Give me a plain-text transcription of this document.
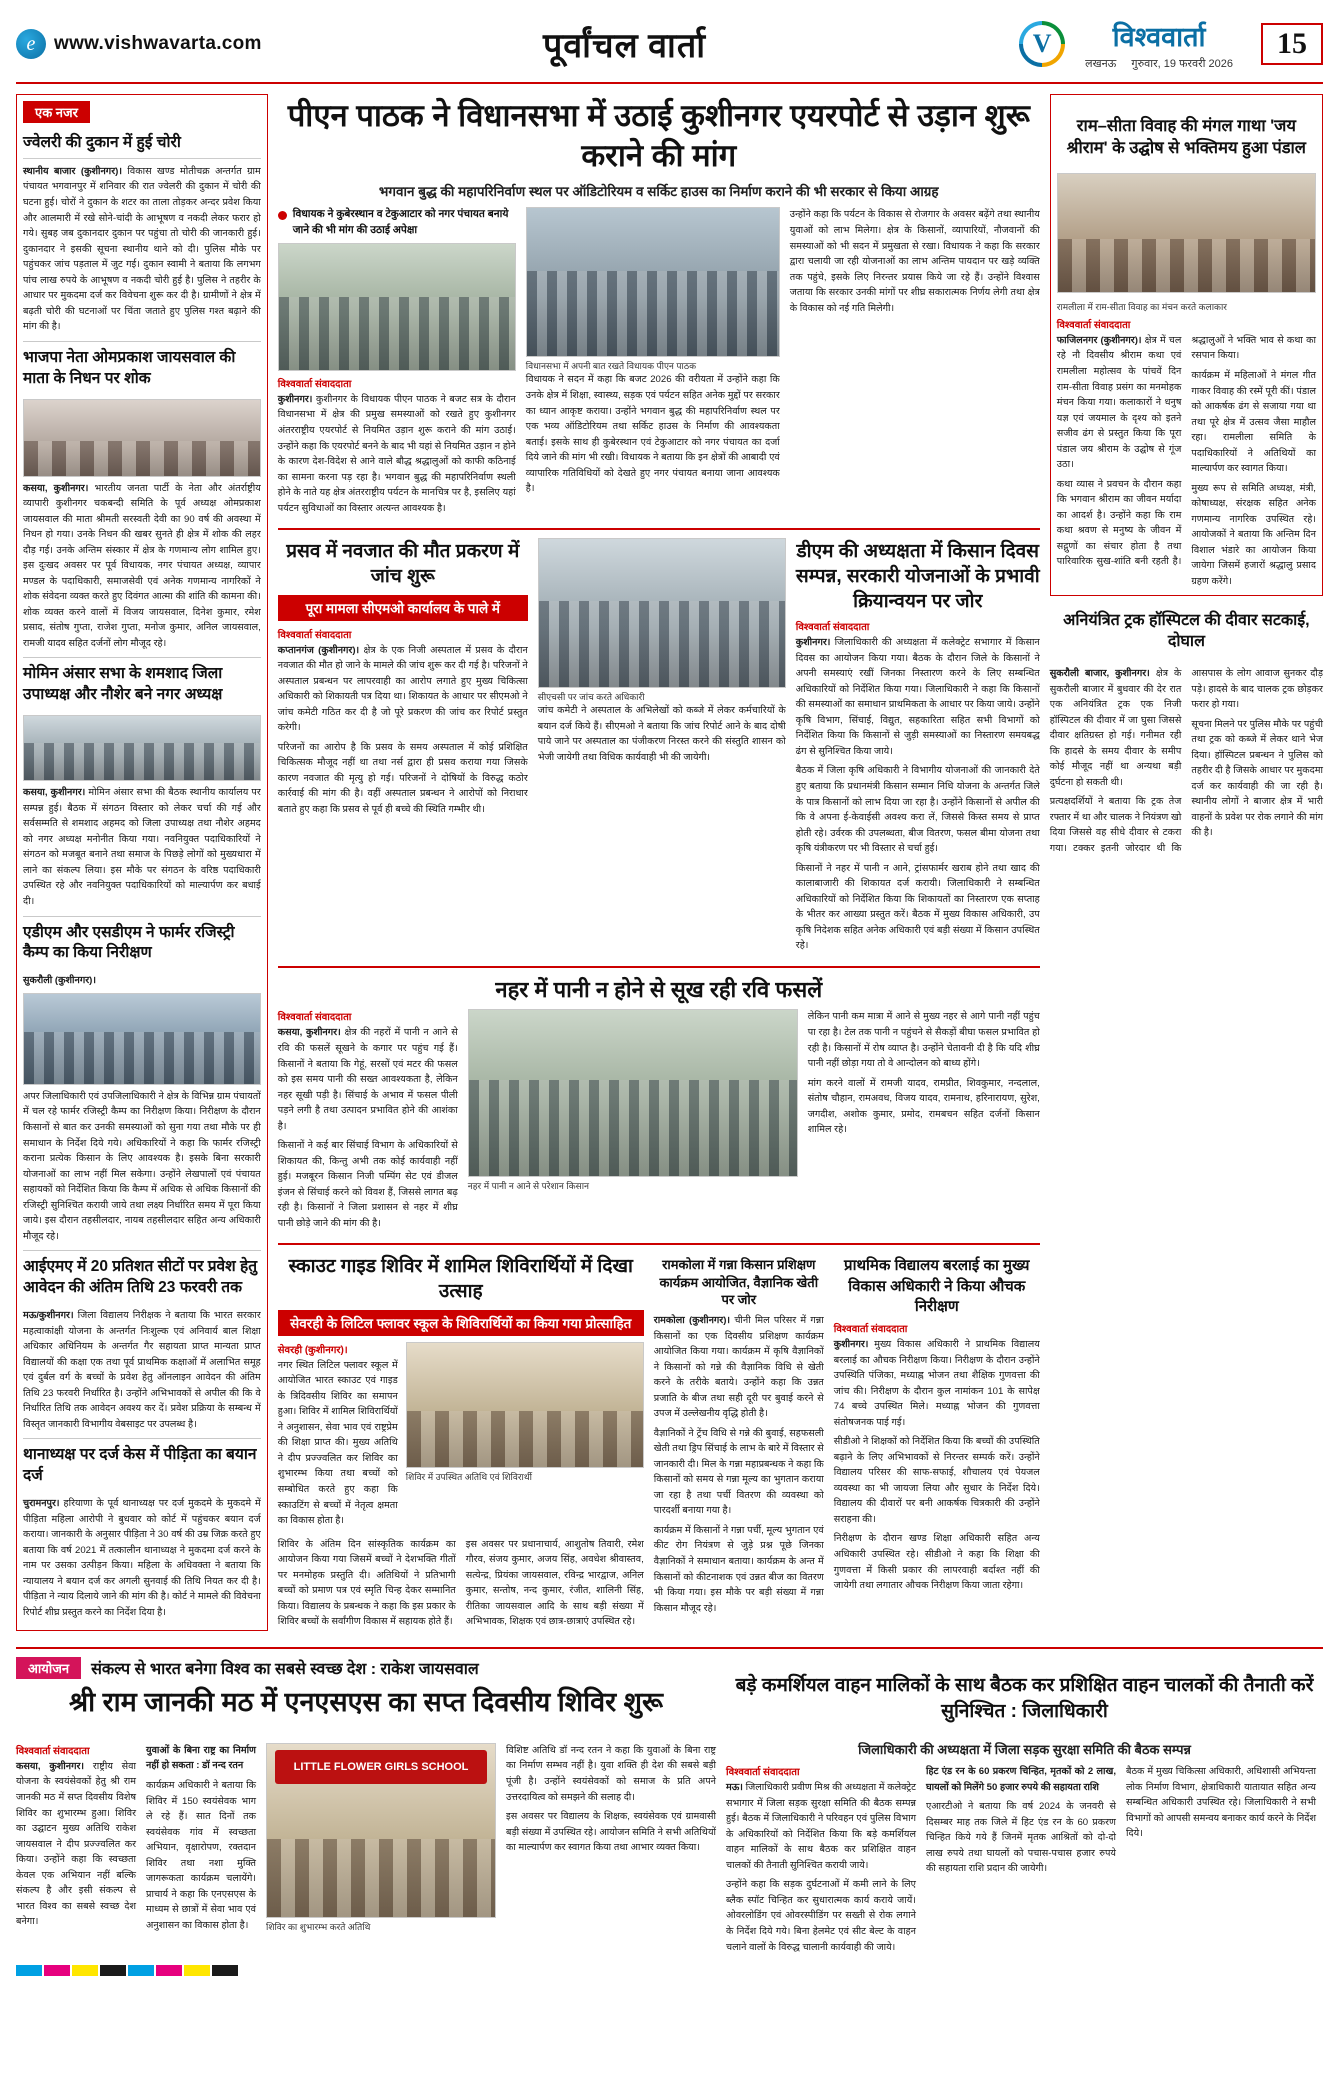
e www.vishwavarta.com	पूर्वांचल वार्ता V	विश्ववार्ता
लखनऊ गुरुवार, 19 फरवरी 2026
15
एक नजर
ज्वेलरी की दुकान में हुई चोरी

स्थानीय बाजार (कुशीनगर)। विकास खण्ड मोतीचक्र अन्तर्गत ग्राम पंचायत भगवानपुर में शनिवार की रात ज्वेलरी की दुकान में चोरी की घटना हुई। चोरों ने दुकान के शटर का ताला तोड़कर अन्दर प्रवेश किया और आलमारी में रखे सोने-चांदी के आभूषण व नकदी लेकर फरार हो गये। सुबह जब दुकानदार दुकान पर पहुंचा तो चोरी की जानकारी हुई। दुकानदार ने इसकी सूचना स्थानीय थाने को दी। पुलिस मौके पर पहुंचकर जांच पड़ताल में जुट गई। दुकान स्वामी ने बताया कि लगभग पांच लाख रुपये के आभूषण व नकदी चोरी हुई है। पुलिस ने तहरीर के आधार पर मुकदमा दर्ज कर विवेचना शुरू कर दी है। ग्रामीणों ने क्षेत्र में बढ़ती चोरी की घटनाओं पर चिंता जताते हुए पुलिस गश्त बढ़ाने की मांग की है।

भाजपा नेता ओमप्रकाश जायसवाल की माता के निधन पर शोक

कसया, कुशीनगर। भारतीय जनता पार्टी के नेता और अंतर्राष्ट्रीय व्यापारी कुशीनगर चकबन्दी समिति के पूर्व अध्यक्ष ओमप्रकाश जायसवाल की माता श्रीमती सरस्वती देवी का 90 वर्ष की अवस्था में निधन हो गया। उनके निधन की खबर सुनते ही क्षेत्र में शोक की लहर दौड़ गई। उनके अन्तिम संस्कार में क्षेत्र के गणमान्य लोग शामिल हुए। इस दुःखद अवसर पर पूर्व विधायक, नगर पंचायत अध्यक्ष, व्यापार मण्डल के पदाधिकारी, समाजसेवी एवं अनेक गणमान्य नागरिकों ने शोक संवेदना व्यक्त करते हुए दिवंगत आत्मा की शांति की कामना की। शोक व्यक्त करने वालों में विजय जायसवाल, दिनेश कुमार, रमेश प्रसाद, संतोष गुप्ता, राजेश गुप्ता, मनोज कुमार, अनिल जायसवाल, रामजी यादव सहित दर्जनों लोग मौजूद रहे।

मोमिन अंसार सभा के शमशाद जिला उपाध्यक्ष और नौशेर बने नगर अध्यक्ष

कसया, कुशीनगर। मोमिन अंसार सभा की बैठक स्थानीय कार्यालय पर सम्पन्न हुई। बैठक में संगठन विस्तार को लेकर चर्चा की गई और सर्वसम्मति से शमशाद अहमद को जिला उपाध्यक्ष तथा नौशेर अहमद को नगर अध्यक्ष मनोनीत किया गया। नवनियुक्त पदाधिकारियों ने संगठन को मजबूत बनाने तथा समाज के पिछड़े लोगों को मुख्यधारा में लाने का संकल्प लिया। इस मौके पर संगठन के वरिष्ठ पदाधिकारी उपस्थित रहे और नवनियुक्त पदाधिकारियों को माल्यार्पण कर बधाई दी।

एडीएम और एसडीएम ने फार्मर रजिस्ट्री कैम्प का किया निरीक्षण

सुकरौली (कुशीनगर)।

अपर जिलाधिकारी एवं उपजिलाधिकारी ने क्षेत्र के विभिन्न ग्राम पंचायतों में चल रहे फार्मर रजिस्ट्री कैम्प का निरीक्षण किया। निरीक्षण के दौरान किसानों से बात कर उनकी समस्याओं को सुना गया तथा मौके पर ही समाधान के निर्देश दिये गये। अधिकारियों ने कहा कि फार्मर रजिस्ट्री कराना प्रत्येक किसान के लिए आवश्यक है। इसके बिना सरकारी योजनाओं का लाभ नहीं मिल सकेगा। उन्होंने लेखपालों एवं पंचायत सहायकों को निर्देशित किया कि कैम्प में अधिक से अधिक किसानों की रजिस्ट्री सुनिश्चित करायी जाये तथा लक्ष्य निर्धारित समय में पूरा किया जाये। इस दौरान तहसीलदार, नायब तहसीलदार सहित अन्य अधिकारी मौजूद रहे।

आईएमए में 20 प्रतिशत सीटों पर प्रवेश हेतु आवेदन की अंतिम तिथि 23 फरवरी तक

मऊ/कुशीनगर। जिला विद्यालय निरीक्षक ने बताया कि भारत सरकार महत्वाकांक्षी योजना के अन्तर्गत निःशुल्क एवं अनिवार्य बाल शिक्षा अधिकार अधिनियम के अन्तर्गत गैर सहायता प्राप्त मान्यता प्राप्त विद्यालयों की कक्षा एक तथा पूर्व प्राथमिक कक्षाओं में अलाभित समूह एवं दुर्बल वर्ग के बच्चों के प्रवेश हेतु ऑनलाइन आवेदन की अंतिम तिथि 23 फरवरी निर्धारित है। उन्होंने अभिभावकों से अपील की कि वे निर्धारित तिथि तक आवेदन अवश्य कर दें। प्रवेश प्रक्रिया के सम्बन्ध में विस्तृत जानकारी विभागीय वेबसाइट पर उपलब्ध है।

थानाध्यक्ष पर दर्ज केस में पीड़िता का बयान दर्ज

चुरामनपुर। हरियाणा के पूर्व थानाध्यक्ष पर दर्ज मुकदमे के मुकदमे में पीड़िता महिला आरोपी ने बुधवार को कोर्ट में पहुंचकर बयान दर्ज कराया। जानकारी के अनुसार पीड़िता ने 30 वर्ष की उम्र जिक्र करते हुए बताया कि वर्ष 2021 में तत्कालीन थानाध्यक्ष ने मुकदमा दर्ज करने के नाम पर उसका उत्पीड़न किया। महिला के अधिवक्ता ने बताया कि न्यायालय ने बयान दर्ज कर अगली सुनवाई की तिथि नियत कर दी है। पीड़िता ने न्याय दिलाये जाने की मांग की है। कोर्ट ने मामले की विवेचना रिपोर्ट शीघ्र प्रस्तुत करने का निर्देश दिया है।

पीएन पाठक ने विधानसभा में उठाई कुशीनगर एयरपोर्ट से उड़ान शुरू कराने की मांग
भगवान बुद्ध की महापरिनिर्वाण स्थल पर ऑडिटोरियम व सर्किट हाउस का निर्माण कराने की भी सरकार से किया आग्रह
विधायक ने कुबेरस्थान व टेकुआटार को नगर पंचायत बनाये जाने की भी मांग की उठाई अपेक्षा
विश्ववार्ता संवाददाता

कुशीनगर। कुशीनगर के विधायक पीएन पाठक ने बजट सत्र के दौरान विधानसभा में क्षेत्र की प्रमुख समस्याओं को रखते हुए कुशीनगर अंतरराष्ट्रीय एयरपोर्ट से नियमित उड़ान शुरू कराने की मांग उठाई। उन्होंने कहा कि एयरपोर्ट बनने के बाद भी यहां से नियमित उड़ान न होने के कारण देश-विदेश से आने वाले बौद्ध श्रद्धालुओं को काफी कठिनाई का सामना करना पड़ रहा है। भगवान बुद्ध की महापरिनिर्वाण स्थली होने के नाते यह क्षेत्र अंतरराष्ट्रीय पर्यटन के मानचित्र पर है, इसलिए यहां पर्यटन सुविधाओं का विस्तार अत्यन्त आवश्यक है।

विधानसभा में अपनी बात रखते विधायक पीएन पाठक

विधायक ने सदन में कहा कि बजट 2026 की वरीयता में उन्होंने कहा कि उनके क्षेत्र में शिक्षा, स्वास्थ्य, सड़क एवं पर्यटन सहित अनेक मुद्दों पर सरकार का ध्यान आकृष्ट कराया। उन्होंने भगवान बुद्ध की महापरिनिर्वाण स्थल पर एक भव्य ऑडिटोरियम तथा सर्किट हाउस के निर्माण की आवश्यकता बताई। इसके साथ ही कुबेरस्थान एवं टेकुआटार को नगर पंचायत का दर्जा दिये जाने की मांग भी रखी। विधायक ने बताया कि इन क्षेत्रों की आबादी एवं व्यापारिक गतिविधियों को देखते हुए नगर पंचायत बनाया जाना आवश्यक है।

उन्होंने कहा कि पर्यटन के विकास से रोजगार के अवसर बढ़ेंगे तथा स्थानीय युवाओं को लाभ मिलेगा। क्षेत्र के किसानों, व्यापारियों, नौजवानों की समस्याओं को भी सदन में प्रमुखता से रखा। विधायक ने कहा कि सरकार द्वारा चलायी जा रही योजनाओं का लाभ अन्तिम पायदान पर खड़े व्यक्ति तक पहुंचे, इसके लिए निरन्तर प्रयास किये जा रहे हैं। उन्होंने विश्वास जताया कि सरकार उनकी मांगों पर शीघ्र सकारात्मक निर्णय लेगी तथा क्षेत्र के विकास को नई गति मिलेगी।

प्रसव में नवजात की मौत प्रकरण में जांच शुरू
पूरा मामला सीएमओ कार्यालय के पाले में
विश्ववार्ता संवाददाता

कप्तानगंज (कुशीनगर)। क्षेत्र के एक निजी अस्पताल में प्रसव के दौरान नवजात की मौत हो जाने के मामले की जांच शुरू कर दी गई है। परिजनों ने अस्पताल प्रबन्धन पर लापरवाही का आरोप लगाते हुए मुख्य चिकित्सा अधिकारी को शिकायती पत्र दिया था। शिकायत के आधार पर सीएमओ ने जांच कमेटी गठित कर दी है जो पूरे प्रकरण की जांच कर रिपोर्ट प्रस्तुत करेगी।

परिजनों का आरोप है कि प्रसव के समय अस्पताल में कोई प्रशिक्षित चिकित्सक मौजूद नहीं था तथा नर्स द्वारा ही प्रसव कराया गया जिसके कारण नवजात की मृत्यु हो गई। परिजनों ने दोषियों के विरुद्ध कठोर कार्रवाई की मांग की है। वहीं अस्पताल प्रबन्धन ने आरोपों को निराधार बताते हुए कहा कि प्रसव से पूर्व ही बच्चे की स्थिति गम्भीर थी।

सीएचसी पर जांच करते अधिकारी

जांच कमेटी ने अस्पताल के अभिलेखों को कब्जे में लेकर कर्मचारियों के बयान दर्ज किये हैं। सीएमओ ने बताया कि जांच रिपोर्ट आने के बाद दोषी पाये जाने पर अस्पताल का पंजीकरण निरस्त करने की संस्तुति शासन को भेजी जायेगी तथा विधिक कार्यवाही भी की जायेगी।

डीएम की अध्यक्षता में किसान दिवस सम्पन्न, सरकारी योजनाओं के प्रभावी क्रियान्वयन पर जोर
विश्ववार्ता संवाददाता

कुशीनगर। जिलाधिकारी की अध्यक्षता में कलेक्ट्रेट सभागार में किसान दिवस का आयोजन किया गया। बैठक के दौरान जिले के किसानों ने अपनी समस्याएं रखीं जिनका निस्तारण करने के लिए सम्बन्धित अधिकारियों को निर्देशित किया गया। जिलाधिकारी ने कहा कि किसानों की समस्याओं का समाधान प्राथमिकता के आधार पर किया जाये। उन्होंने कृषि विभाग, सिंचाई, विद्युत, सहकारिता सहित सभी विभागों को निर्देशित किया कि किसानों से जुड़ी समस्याओं का निस्तारण समयबद्ध ढंग से सुनिश्चित किया जाये।

बैठक में जिला कृषि अधिकारी ने विभागीय योजनाओं की जानकारी देते हुए बताया कि प्रधानमंत्री किसान सम्मान निधि योजना के अन्तर्गत जिले के पात्र किसानों को लाभ दिया जा रहा है। उन्होंने किसानों से अपील की कि वे अपना ई-केवाईसी अवश्य करा लें, जिससे किस्त समय से प्राप्त होती रहे। उर्वरक की उपलब्धता, बीज वितरण, फसल बीमा योजना तथा कृषि यंत्रीकरण पर भी विस्तार से चर्चा हुई।

किसानों ने नहर में पानी न आने, ट्रांसफार्मर खराब होने तथा खाद की कालाबाजारी की शिकायत दर्ज करायी। जिलाधिकारी ने सम्बन्धित अधिकारियों को निर्देशित किया कि शिकायतों का निस्तारण एक सप्ताह के भीतर कर आख्या प्रस्तुत करें। बैठक में मुख्य विकास अधिकारी, उप कृषि निदेशक सहित अनेक अधिकारी एवं बड़ी संख्या में किसान उपस्थित रहे।

नहर में पानी न होने से सूख रही रवि फसलें
विश्ववार्ता संवाददाता

कसया, कुशीनगर। क्षेत्र की नहरों में पानी न आने से रवि की फसलें सूखने के कगार पर पहुंच गई हैं। किसानों ने बताया कि गेहूं, सरसों एवं मटर की फसल को इस समय पानी की सख्त आवश्यकता है, लेकिन नहर सूखी पड़ी है। सिंचाई के अभाव में फसल पीली पड़ने लगी है तथा उत्पादन प्रभावित होने की आशंका है।

किसानों ने कई बार सिंचाई विभाग के अधिकारियों से शिकायत की, किन्तु अभी तक कोई कार्यवाही नहीं हुई। मजबूरन किसान निजी पम्पिंग सेट एवं डीजल इंजन से सिंचाई करने को विवश हैं, जिससे लागत बढ़ रही है। किसानों ने जिला प्रशासन से नहर में शीघ्र पानी छोड़े जाने की मांग की है।

नहर में पानी न आने से परेशान किसान

लेकिन पानी कम मात्रा में आने से मुख्य नहर से आगे पानी नहीं पहुंच पा रहा है। टेल तक पानी न पहुंचने से सैकड़ों बीघा फसल प्रभावित हो रही है। किसानों में रोष व्याप्त है। उन्होंने चेतावनी दी है कि यदि शीघ्र पानी नहीं छोड़ा गया तो वे आन्दोलन को बाध्य होंगे।

मांग करने वालों में रामजी यादव, रामप्रीत, शिवकुमार, नन्दलाल, संतोष चौहान, रामअवध, विजय यादव, रामनाथ, हरिनारायण, सुरेश, जगदीश, अशोक कुमार, प्रमोद, रामबचन सहित दर्जनों किसान शामिल रहे।

स्काउट गाइड शिविर में शामिल शिविरार्थियों में दिखा उत्साह
सेवरही के लिटिल फ्लावर स्कूल के शिविरार्थियों का किया गया प्रोत्साहित
सेवरही (कुशीनगर)।

नगर स्थित लिटिल फ्लावर स्कूल में आयोजित भारत स्काउट एवं गाइड के त्रिदिवसीय शिविर का समापन हुआ। शिविर में शामिल शिविरार्थियों ने अनुशासन, सेवा भाव एवं राष्ट्रप्रेम की शिक्षा प्राप्त की। मुख्य अतिथि ने दीप प्रज्ज्वलित कर शिविर का शुभारम्भ किया तथा बच्चों को सम्बोधित करते हुए कहा कि स्काउटिंग से बच्चों में नेतृत्व क्षमता का विकास होता है।

शिविर में उपस्थित अतिथि एवं शिविरार्थी

शिविर के अंतिम दिन सांस्कृतिक कार्यक्रम का आयोजन किया गया जिसमें बच्चों ने देशभक्ति गीतों पर मनमोहक प्रस्तुति दी। अतिथियों ने प्रतिभागी बच्चों को प्रमाण पत्र एवं स्मृति चिन्ह देकर सम्मानित किया। विद्यालय के प्रबन्धक ने कहा कि इस प्रकार के शिविर बच्चों के सर्वांगीण विकास में सहायक होते हैं।

इस अवसर पर प्रधानाचार्य, आशुतोष तिवारी, रमेश गौरव, संजय कुमार, अजय सिंह, अवधेश श्रीवास्तव, सत्येन्द्र, प्रियंका जायसवाल, रविन्द्र भारद्वाज, अनिल कुमार, सन्तोष, नन्द कुमार, रंजीत, शालिनी सिंह, रीतिका जायसवाल आदि के साथ बड़ी संख्या में अभिभावक, शिक्षक एवं छात्र-छात्राएं उपस्थित रहे।

रामकोला में गन्ना किसान प्रशिक्षण कार्यक्रम आयोजित, वैज्ञानिक खेती पर जोर

रामकोला (कुशीनगर)। चीनी मिल परिसर में गन्ना किसानों का एक दिवसीय प्रशिक्षण कार्यक्रम आयोजित किया गया। कार्यक्रम में कृषि वैज्ञानिकों ने किसानों को गन्ने की वैज्ञानिक विधि से खेती करने के तरीके बताये। उन्होंने कहा कि उन्नत प्रजाति के बीज तथा सही दूरी पर बुवाई करने से उपज में उल्लेखनीय वृद्धि होती है।

वैज्ञानिकों ने ट्रेंच विधि से गन्ने की बुवाई, सहफसली खेती तथा ड्रिप सिंचाई के लाभ के बारे में विस्तार से जानकारी दी। मिल के गन्ना महाप्रबन्धक ने कहा कि किसानों को समय से गन्ना मूल्य का भुगतान कराया जा रहा है तथा पर्ची वितरण की व्यवस्था को पारदर्शी बनाया गया है।

कार्यक्रम में किसानों ने गन्ना पर्ची, मूल्य भुगतान एवं कीट रोग नियंत्रण से जुड़े प्रश्न पूछे जिनका वैज्ञानिकों ने समाधान बताया। कार्यक्रम के अन्त में किसानों को कीटनाशक एवं उन्नत बीज का वितरण भी किया गया। इस मौके पर बड़ी संख्या में गन्ना किसान मौजूद रहे।

प्राथमिक विद्यालय बरलाई का मुख्य विकास अधिकारी ने किया औचक निरीक्षण
विश्ववार्ता संवाददाता

कुशीनगर। मुख्य विकास अधिकारी ने प्राथमिक विद्यालय बरलाई का औचक निरीक्षण किया। निरीक्षण के दौरान उन्होंने उपस्थिति पंजिका, मध्याह्न भोजन तथा शैक्षिक गुणवत्ता की जांच की। निरीक्षण के दौरान कुल नामांकन 101 के सापेक्ष 74 बच्चे उपस्थित मिले। मध्याह्न भोजन की गुणवत्ता संतोषजनक पाई गई।

सीडीओ ने शिक्षकों को निर्देशित किया कि बच्चों की उपस्थिति बढ़ाने के लिए अभिभावकों से निरन्तर सम्पर्क करें। उन्होंने विद्यालय परिसर की साफ-सफाई, शौचालय एवं पेयजल व्यवस्था का भी जायजा लिया और सुधार के निर्देश दिये। विद्यालय की दीवारों पर बनी आकर्षक चित्रकारी की उन्होंने सराहना की।

निरीक्षण के दौरान खण्ड शिक्षा अधिकारी सहित अन्य अधिकारी उपस्थित रहे। सीडीओ ने कहा कि शिक्षा की गुणवत्ता में किसी प्रकार की लापरवाही बर्दाश्त नहीं की जायेगी तथा लगातार औचक निरीक्षण किया जाता रहेगा।

राम–सीता विवाह की मंगल गाथा 'जय श्रीराम' के उद्घोष से भक्तिमय हुआ पंडाल
रामलीला में राम-सीता विवाह का मंचन करते कलाकार
विश्ववार्ता संवाददाता

फाजिलनगर (कुशीनगर)। क्षेत्र में चल रहे नौ दिवसीय श्रीराम कथा एवं रामलीला महोत्सव के पांचवें दिन राम-सीता विवाह प्रसंग का मनमोहक मंचन किया गया। कलाकारों ने धनुष यज्ञ एवं जयमाल के दृश्य को इतने सजीव ढंग से प्रस्तुत किया कि पूरा पंडाल जय श्रीराम के उद्घोष से गूंज उठा।

कथा व्यास ने प्रवचन के दौरान कहा कि भगवान श्रीराम का जीवन मर्यादा का आदर्श है। उन्होंने कहा कि राम कथा श्रवण से मनुष्य के जीवन में सद्गुणों का संचार होता है तथा पारिवारिक सुख-शांति बनी रहती है। श्रद्धालुओं ने भक्ति भाव से कथा का रसपान किया।

कार्यक्रम में महिलाओं ने मंगल गीत गाकर विवाह की रस्में पूरी कीं। पंडाल को आकर्षक ढंग से सजाया गया था तथा पूरे क्षेत्र में उत्सव जैसा माहौल रहा। रामलीला समिति के पदाधिकारियों ने अतिथियों का माल्यार्पण कर स्वागत किया।

मुख्य रूप से समिति अध्यक्ष, मंत्री, कोषाध्यक्ष, संरक्षक सहित अनेक गणमान्य नागरिक उपस्थित रहे। आयोजकों ने बताया कि अन्तिम दिन विशाल भंडारे का आयोजन किया जायेगा जिसमें हजारों श्रद्धालु प्रसाद ग्रहण करेंगे।

अनियंत्रित ट्रक हॉस्पिटल की दीवार सटकाई, दोघाल

सुकरौली बाजार, कुशीनगर। क्षेत्र के सुकरौली बाजार में बुधवार की देर रात एक अनियंत्रित ट्रक एक निजी हॉस्पिटल की दीवार में जा घुसा जिससे दीवार क्षतिग्रस्त हो गई। गनीमत रही कि हादसे के समय दीवार के समीप कोई मौजूद नहीं था अन्यथा बड़ी दुर्घटना हो सकती थी।

प्रत्यक्षदर्शियों ने बताया कि ट्रक तेज रफ्तार में था और चालक ने नियंत्रण खो दिया जिससे वह सीधे दीवार से टकरा गया। टक्कर इतनी जोरदार थी कि आसपास के लोग आवाज सुनकर दौड़ पड़े। हादसे के बाद चालक ट्रक छोड़कर फरार हो गया।

सूचना मिलने पर पुलिस मौके पर पहुंची तथा ट्रक को कब्जे में लेकर थाने भेज दिया। हॉस्पिटल प्रबन्धन ने पुलिस को तहरीर दी है जिसके आधार पर मुकदमा दर्ज कर कार्यवाही की जा रही है। स्थानीय लोगों ने बाजार क्षेत्र में भारी वाहनों के प्रवेश पर रोक लगाने की मांग की है।

आयोजन	संकल्प से भारत बनेगा विश्व का सबसे स्वच्छ देश : राकेश जायसवाल
श्री राम जानकी मठ में एनएसएस का सप्त दिवसीय शिविर शुरू
विश्ववार्ता संवाददाता

कसया, कुशीनगर। राष्ट्रीय सेवा योजना के स्वयंसेवकों हेतु श्री राम जानकी मठ में सप्त दिवसीय विशेष शिविर का शुभारम्भ हुआ। शिविर का उद्घाटन मुख्य अतिथि राकेश जायसवाल ने दीप प्रज्ज्वलित कर किया। उन्होंने कहा कि स्वच्छता केवल एक अभियान नहीं बल्कि संकल्प है और इसी संकल्प से भारत विश्व का सबसे स्वच्छ देश बनेगा।

युवाओं के बिना राष्ट्र का निर्माण नहीं हो सकता : डॉ नन्द रतन

कार्यक्रम अधिकारी ने बताया कि शिविर में 150 स्वयंसेवक भाग ले रहे हैं। सात दिनों तक स्वयंसेवक गांव में स्वच्छता अभियान, वृक्षारोपण, रक्तदान शिविर तथा नशा मुक्ति जागरूकता कार्यक्रम चलायेंगे। प्राचार्य ने कहा कि एनएसएस के माध्यम से छात्रों में सेवा भाव एवं अनुशासन का विकास होता है।

LITTLE FLOWER GIRLS SCHOOL
शिविर का शुभारम्भ करते अतिथि

विशिष्ट अतिथि डॉ नन्द रतन ने कहा कि युवाओं के बिना राष्ट्र का निर्माण सम्भव नहीं है। युवा शक्ति ही देश की सबसे बड़ी पूंजी है। उन्होंने स्वयंसेवकों को समाज के प्रति अपने उत्तरदायित्व को समझने की सलाह दी।

इस अवसर पर विद्यालय के शिक्षक, स्वयंसेवक एवं ग्रामवासी बड़ी संख्या में उपस्थित रहे। आयोजन समिति ने सभी अतिथियों का माल्यार्पण कर स्वागत किया तथा आभार व्यक्त किया।

बड़े कमर्शियल वाहन मालिकों के साथ बैठक कर प्रशिक्षित वाहन चालकों की तैनाती करें सुनिश्चित : जिलाधिकारी
जिलाधिकारी की अध्यक्षता में जिला सड़क सुरक्षा समिति की बैठक सम्पन्न
विश्ववार्ता संवाददाता

मऊ। जिलाधिकारी प्रवीण मिश्र की अध्यक्षता में कलेक्ट्रेट सभागार में जिला सड़क सुरक्षा समिति की बैठक सम्पन्न हुई। बैठक में जिलाधिकारी ने परिवहन एवं पुलिस विभाग के अधिकारियों को निर्देशित किया कि बड़े कमर्शियल वाहन मालिकों के साथ बैठक कर प्रशिक्षित वाहन चालकों की तैनाती सुनिश्चित करायी जाये।

उन्होंने कहा कि सड़क दुर्घटनाओं में कमी लाने के लिए ब्लैक स्पॉट चिन्हित कर सुधारात्मक कार्य कराये जायें। ओवरलोडिंग एवं ओवरस्पीडिंग पर सख्ती से रोक लगाने के निर्देश दिये गये। बिना हेलमेट एवं सीट बेल्ट के वाहन चलाने वालों के विरुद्ध चालानी कार्यवाही की जाये।

हिट एंड रन के 60 प्रकरण चिन्हित, मृतकों को 2 लाख, घायलों को मिलेंगे 50 हजार रुपये की सहायता राशि

एआरटीओ ने बताया कि वर्ष 2024 के जनवरी से दिसम्बर माह तक जिले में हिट एंड रन के 60 प्रकरण चिन्हित किये गये हैं जिनमें मृतक आश्रितों को दो-दो लाख रुपये तथा घायलों को पचास-पचास हजार रुपये की सहायता राशि प्रदान की जायेगी।

बैठक में मुख्य चिकित्सा अधिकारी, अधिशासी अभियन्ता लोक निर्माण विभाग, क्षेत्राधिकारी यातायात सहित अन्य सम्बन्धित अधिकारी उपस्थित रहे। जिलाधिकारी ने सभी विभागों को आपसी समन्वय बनाकर कार्य करने के निर्देश दिये।
